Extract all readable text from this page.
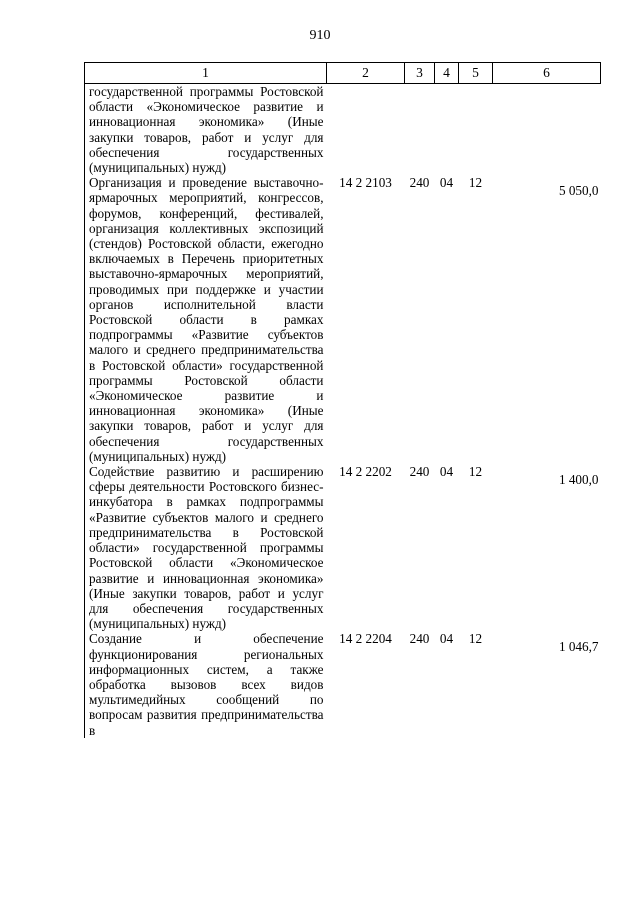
910
1	2	3	4	5	6
государственной программы Ростовской области «Экономическое развитие и инновационная экономика» (Иные закупки товаров, работ и услуг для обеспечения государственных (муниципальных) нужд)					
Организация и проведение выставочно-ярмарочных мероприятий, конгрессов, форумов, конференций, фестивалей, организация коллективных экспозиций (стендов) Ростовской области, ежегодно включаемых в Перечень приоритетных выставочно-ярмарочных мероприятий, проводимых при поддержке и участии органов исполнительной власти Ростовской области в рамках подпрограммы «Развитие субъектов малого и среднего предпринимательства в Ростовской области» государственной программы Ростовской области «Экономическое развитие и инновационная экономика» (Иные закупки товаров, работ и услуг для обеспечения государственных (муниципальных) нужд)	14 2 2103	240	04	12	5 050,0
Содействие развитию и расширению сферы деятельности Ростовского бизнес-инкубатора в рамках подпрограммы «Развитие субъектов малого и среднего предпринимательства в Ростовской области» государственной программы Ростовской области «Экономическое развитие и инновационная экономика» (Иные закупки товаров, работ и услуг для обеспечения государственных (муниципальных) нужд)	14 2 2202	240	04	12	1 400,0
Создание и обеспечение функционирования региональных информационных систем, а также обработка вызовов всех видов мультимедийных сообщений по вопросам развития предпринимательства в	14 2 2204	240	04	12	1 046,7
